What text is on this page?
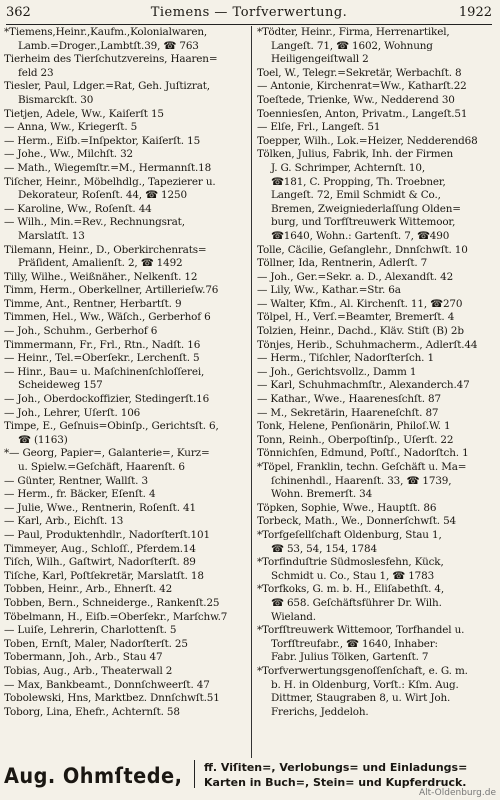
362	Tiemens — Torfverwertung.	1922
*Tiemens,Heinr.,Kaufm.,Kolonialwaren,
Lamb.=Droger.,Lambtſt.39, ☎ 763
Tierheim des Tierſchutzvereins, Haaren=
feld 23
Tiesler, Paul, Ldger.=Rat, Geh. Juſtizrat,
Bismarckſt. 30
Tietjen, Adele, Ww., Kaiſerſt 15
— Anna, Ww., Kriegerſt. 5
— Herm., Eiſb.=Inſpektor, Kaiſerſt. 15
— Johe., Ww., Milchſt. 32
— Math., Wiegemſtr.=M., Hermannſt.18
Tiſcher, Heinr., Möbelhdlg., Tapezierer u.
Dekorateur, Roſenſt. 44, ☎ 1250
— Karoline, Ww., Roſenſt. 44
— Wilh., Min.=Rev., Rechnungsrat,
Marslatſt. 13
Tilemann, Heinr., D., Oberkirchenrats=
Präſident, Amalienſt. 2, ☎ 1492
Tilly, Wilhe., Weißnäher., Nelkenſt. 12
Timm, Herm., Oberkellner, Artillerieſw.76
Timme, Ant., Rentner, Herbartſt. 9
Timmen, Hel., Ww., Wäſch., Gerberhof 6
— Joh., Schuhm., Gerberhof 6
Timmermann, Fr., Frl., Rtn., Nadſt. 16
— Heinr., Tel.=Oberſekr., Lerchenſt. 5
— Hinr., Bau= u. Maſchinenſchloſſerei,
Scheideweg 157
— Joh., Oberdockoffizier, Stedingerſt.16
— Joh., Lehrer, Uſerſt. 106
Timpe, E., Geſnuis=Obinſp., Gerichtsſt. 6,
☎ (1163)
*— Georg, Papier=, Galanterie=, Kurz=
u. Spielw.=Geſchäft, Haarenſt. 6
— Günter, Rentner, Wallſt. 3
— Herm., fr. Bäcker, Eſenſt. 4
— Julie, Wwe., Rentnerin, Roſenſt. 41
— Karl, Arb., Eichſt. 13
— Paul, Produktenhdlr., Nadorſterſt.101
Timmeyer, Aug., Schloſſ., Pferdem.14
Tiſch, Wilh., Gaſtwirt, Nadorſterſt. 89
Tiſche, Karl, Poſtſekretär, Marslatſt. 18
Tobben, Heinr., Arb., Ehnerſt. 42
Tobben, Bern., Schneiderge., Rankenſt.25
Töbelmann, H., Eiſb.=Oberſekr., Marſchw.7
— Luiſe, Lehrerin, Charlottenſt. 5
Toben, Ernſt, Maler, Nadorſterſt. 25
Tobermann, Joh., Arb., Stau 47
Tobias, Aug., Arb., Theaterwall 2
— Max, Bankbeamt., Donnſchweerſt. 47
Tobolewski, Hns, Marktbez. Dnnſchwſt.51
Toborg, Lina, Ehefr., Achternſt. 58
*Tödter, Heinr., Firma, Herrenartikel,
Langeſt. 71, ☎ 1602, Wohnung
Heiligengeiſtwall 2
Toel, W., Telegr.=Sekretär, Werbachſt. 8
— Antonie, Kirchenrat=Ww., Katharſt.22
Toeſtede, Trienke, Ww., Nedderend 30
Toenniesſen, Anton, Privatm., Langeſt.51
— Elſe, Frl., Langeſt. 51
Toepper, Wilh., Lok.=Heizer, Nedderend68
Tölken, Julius, Fabrik, Inh. der Firmen
J. G. Schrimper, Achternſt. 10,
☎181, C. Propping, Th. Troebner,
Langeſt. 72, Emil Schmidt & Co.,
Bremen, Zweigniederlaſſung Olden=
burg, und Torfſtreuwerk Wittemoor,
☎1640, Wohn.: Gartenſt. 7, ☎490
Tolle, Cäcilie, Geſanglehr., Dnnſchwſt. 10
Töllner, Ida, Rentnerin, Adlerſt. 7
— Joh., Ger.=Sekr. a. D., Alexandſt. 42
— Lily, Ww., Kathar.=Str. 6a
— Walter, Kfm., Al. Kirchenſt. 11, ☎270
Tölpel, H., Verſ.=Beamter, Bremerſt. 4
Tolzien, Heinr., Dachd., Kläv. Stiſt (B) 2b
Tönjes, Herib., Schuhmacherm., Adlerſt.44
— Herm., Tiſchler, Nadorſterſch. 1
— Joh., Gerichtsvollz., Damm 1
— Karl, Schuhmachmſtr., Alexanderch.47
— Kathar., Wwe., Haarenesſchſt. 87
— M., Sekretärin, Haareneſchſt. 87
Tonk, Helene, Penſionärin, Philoſ.W. 1
Tonn, Reinh., Oberpoſtinſp., Uſerſt. 22
Tönnichſen, Edmund, Poſtſ., Nadorſtch. 1
*Töpel, Franklin, techn. Geſchäft u. Ma=
ſchinenhdl., Haarenſt. 33, ☎ 1739,
Wohn. Bremerſt. 34
Töpken, Sophie, Wwe., Hauptſt. 86
Torbeck, Math., We., Donnerſchwſt. 54
*Torfgeſellſchaft Oldenburg, Stau 1,
☎ 53, 54, 154, 1784
*Torfinduſtrie Südmoslesfehn, Kück,
Schmidt u. Co., Stau 1, ☎ 1783
*Torfkoks, G. m. b. H., Eliſabethſt. 4,
☎ 658. Geſchäftsführer Dr. Wilh.
Wieland.
*Torfſtreuwerk Wittemoor, Torfhandel u.
Torfſtreufabr., ☎ 1640, Inhaber:
Fabr. Julius Tölken, Gartenſt. 7
*Torfverwertungsgenoſſenſchaft, e. G. m.
b. H. in Oldenburg, Vorſt.: Kſm. Aug.
Dittmer, Staugraben 8, u. Wirt Joh.
Frerichs, Jeddeloh.
Aug. Ohmſtede, ff. Viſiten=, Verlobungs= und Einladungs=
Karten in Buch=, Stein= und Kupferdruck.
Alt-Oldenburg.de
